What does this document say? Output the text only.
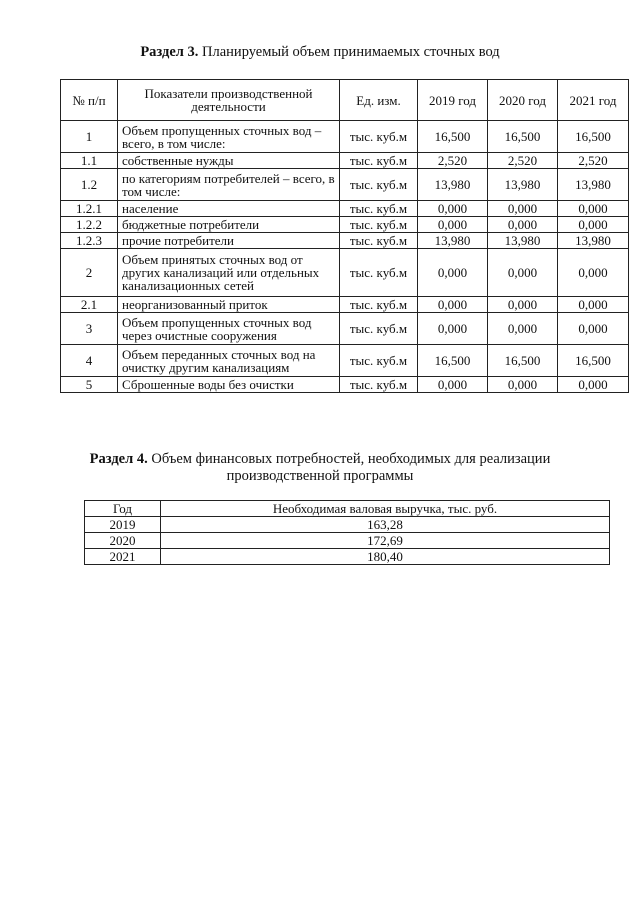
Раздел 3. Планируемый объем принимаемых сточных вод
№ п/п	Показатели производственной деятельности	Ед. изм.	2019 год	2020 год	2021 год
1	Объем пропущенных сточных вод – всего, в том числе:	тыс. куб.м	16,500	16,500	16,500
1.1	собственные нужды	тыс. куб.м	2,520	2,520	2,520
1.2	по категориям потребителей – всего, в том числе:	тыс. куб.м	13,980	13,980	13,980
1.2.1	население	тыс. куб.м	0,000	0,000	0,000
1.2.2	бюджетные потребители	тыс. куб.м	0,000	0,000	0,000
1.2.3	прочие потребители	тыс. куб.м	13,980	13,980	13,980
2	Объем принятых сточных вод от других канализаций или отдельных канализационных сетей	тыс. куб.м	0,000	0,000	0,000
2.1	неорганизованный приток	тыс. куб.м	0,000	0,000	0,000
3	Объем пропущенных сточных вод через очистные сооружения	тыс. куб.м	0,000	0,000	0,000
4	Объем переданных сточных вод на очистку другим канализациям	тыс. куб.м	16,500	16,500	16,500
5	Сброшенные воды без очистки	тыс. куб.м	0,000	0,000	0,000
Раздел 4. Объем финансовых потребностей, необходимых для реализации производственной программы
Год	Необходимая валовая выручка, тыс. руб.
2019	163,28
2020	172,69
2021	180,40
